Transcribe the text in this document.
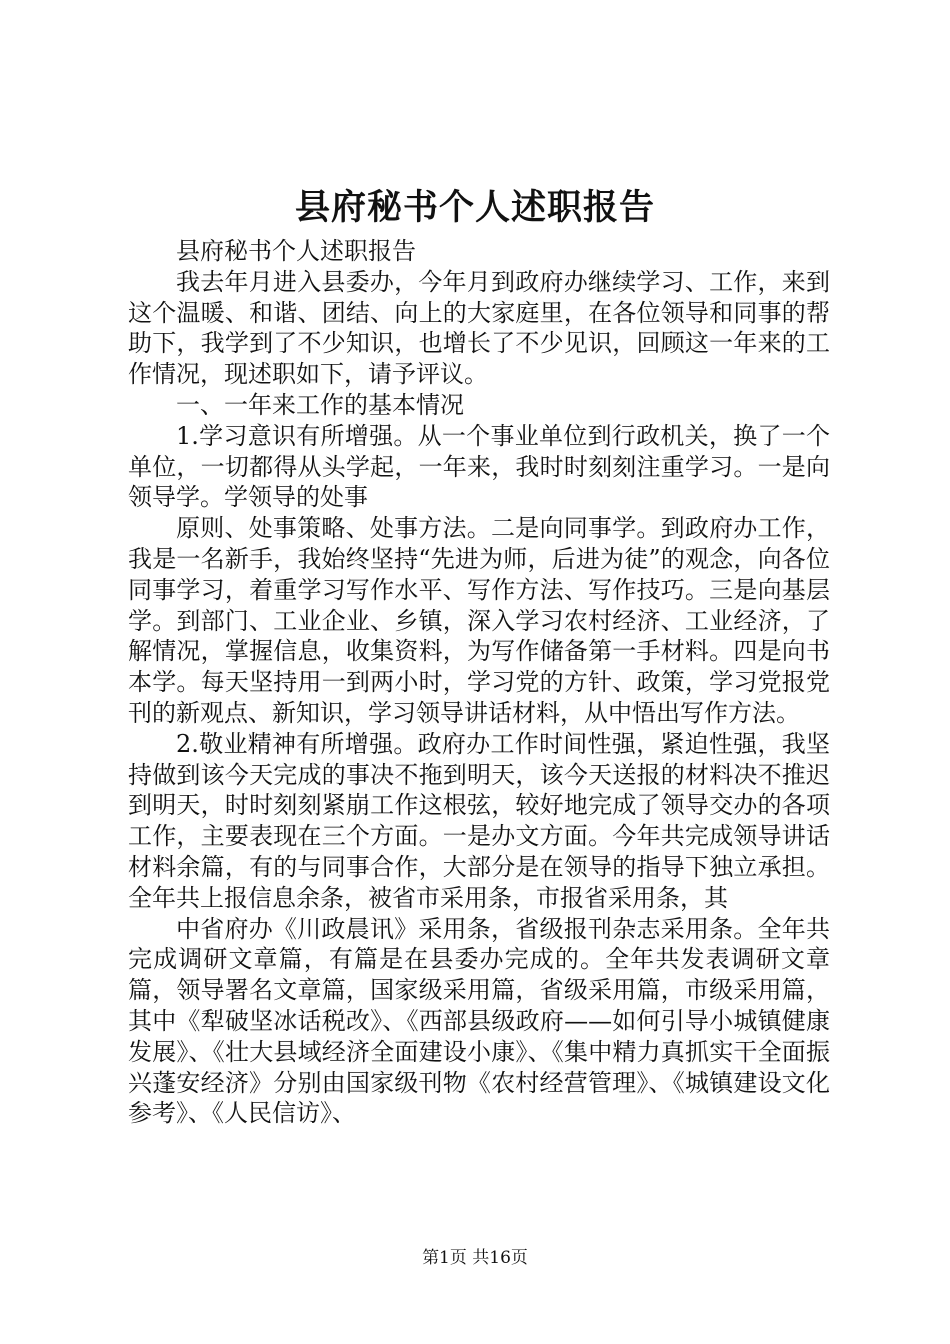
县府秘书个人述职报告

县府秘书个人述职报告

我去年月进入县委办，今年月到政府办继续学习、工作，来到这个温暖、和谐、团结、向上的大家庭里，在各位领导和同事的帮助下，我学到了不少知识，也增长了不少见识，回顾这一年来的工作情况，现述职如下，请予评议。

一、一年来工作的基本情况

1.学习意识有所增强。从一个事业单位到行政机关，换了一个单位，一切都得从头学起，一年来，我时时刻刻注重学习。一是向领导学。学领导的处事

原则、处事策略、处事方法。二是向同事学。到政府办工作，我是一名新手，我始终坚持“先进为师，后进为徒”的观念，向各位同事学习，着重学习写作水平、写作方法、写作技巧。三是向基层学。到部门、工业企业、乡镇，深入学习农村经济、工业经济，了解情况，掌握信息，收集资料，为写作储备第一手材料。四是向书本学。每天坚持用一到两小时，学习党的方针、政策，学习党报党刊的新观点、新知识，学习领导讲话材料，从中悟出写作方法。

2.敬业精神有所增强。政府办工作时间性强，紧迫性强，我坚持做到该今天完成的事决不拖到明天，该今天送报的材料决不推迟到明天，时时刻刻紧崩工作这根弦，较好地完成了领导交办的各项工作，主要表现在三个方面。一是办文方面。今年共完成领导讲话材料余篇，有的与同事合作，大部分是在领导的指导下独立承担。全年共上报信息余条，被省市采用条，市报省采用条，其

中省府办《川政晨讯》采用条，省级报刊杂志采用条。全年共完成调研文章篇，有篇是在县委办完成的。全年共发表调研文章篇，领导署名文章篇，国家级采用篇，省级采用篇，市级采用篇，其中《犁破坚冰话税改》、《西部县级政府——如何引导小城镇健康发展》、《壮大县域经济全面建设小康》、《集中精力真抓实干全面振兴蓬安经济》分别由国家级刊物《农村经营管理》、《城镇建设文化参考》、《人民信访》、

第1页 共16页
